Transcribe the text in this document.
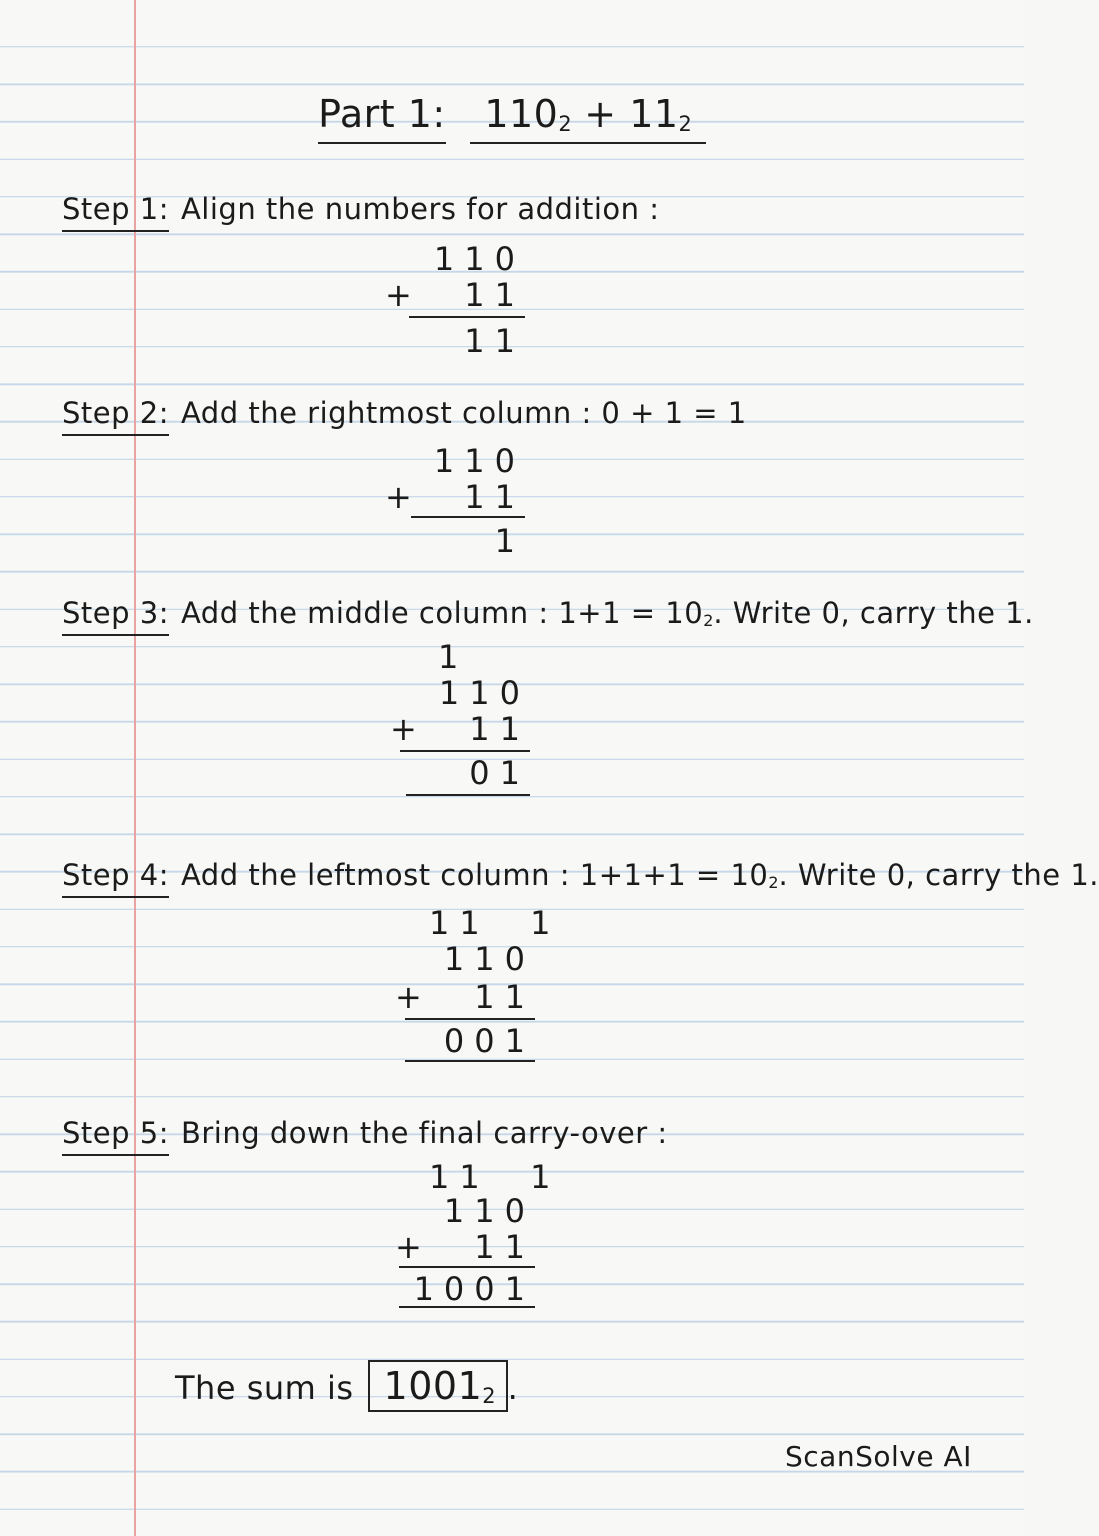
Part 1: $110_2 + 11_2$
Step 1: Align the numbers for addition :
110
+ 11
11
Step 2: Add the rightmost column : 0 + 1 = 1
110
+ 11
1
Step 3: Add the middle column : $1+1 = 10_2$. Write 0, carry the 1.
1
110
+ 11
01
Step 4: Add the leftmost column : $1+1+1 = 10_2$. Write 0, carry the 1.
11  1
110
+ 11
001
Step 5: Bring down the final carry-over :
11  1
110
+ 11
1001
The sum is $1001_2$ .
ScanSolve AI
